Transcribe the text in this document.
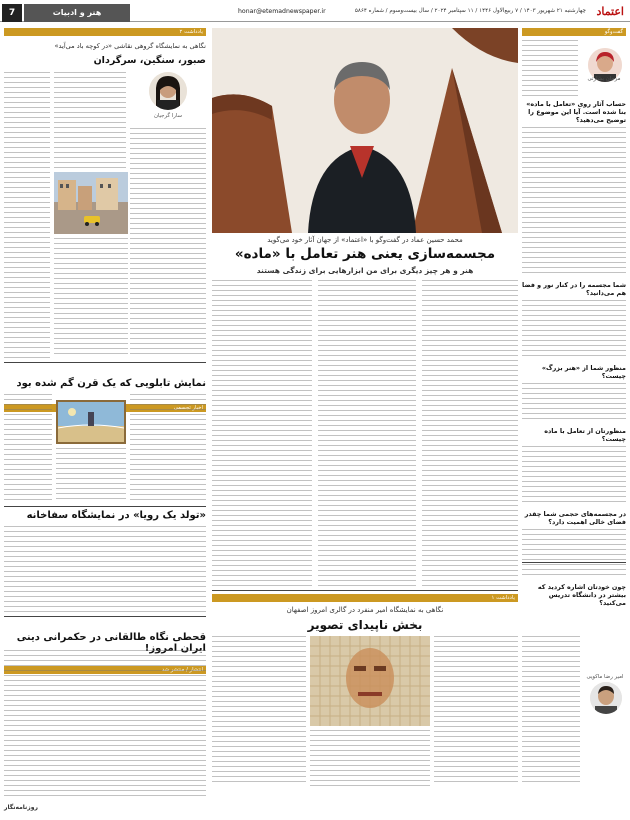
اعتماد
چهارشنبه ۲۱ شهریور ۱۴۰۳ / ۷ ربیع‌الاول ۱۴۴۶ / ۱۱ سپتامبر ۲۰۲۴ / سال بیست‌وسوم / شماره ۵۸۶۴
honar@etemadnewspaper.ir
هنر و ادبیات
7
یادداشت ۲
نگاهی به نمایشگاه گروهی نقاشی «در کوچه باد می‌آید»
صبور، سنگین، سرگردان
سارا گرجیان
اخبار تجسمی
نمایش تابلویی که یک قرن گم شده بود
«تولد یک رویا» در نمایشگاه سفاخانه
انتشار / منتشر شد
قحطی نگاه طالقانی در حکمرانی دینی ایران امروز!
روزنامه‌نگار
محمد حسین عماد در گفت‌وگو با «اعتماد» از جهان آثار خود می‌گوید
مجسمه‌سازی یعنی هنر تعامل با «ماده»
هنر و هر چیز دیگری برای من ابزارهایی برای زندگی هستند
یادداشت ۱
نگاهی به نمایشگاه امیر منفرد در گالری امروز اصفهان
بخش ناپیدای تصویر
گفت‌وگو
مرجان بشارتی
حساب آثار روی «تعامل با ماده» بنا شده است. آیا این موضوع را توضیح می‌دهید؟
شما مجسمه را در کنار نور و فضا هم می‌دانید؟
منظور شما از «هنر بزرگ» چیست؟
منظورتان از تعامل با ماده چیست؟
در مجسمه‌های حجمی شما چقدر فضای خالی اهمیت دارد؟
چون خودتان اشاره کردید که بیشتر در دانشگاه تدریس می‌کنید؟
امیر رضا ماکویی
